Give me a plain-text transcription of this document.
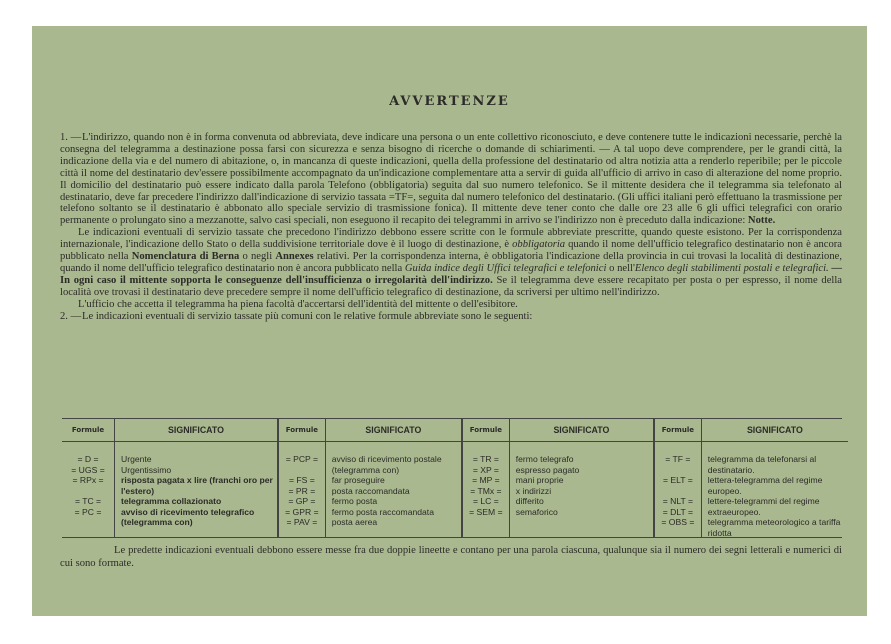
AVVERTENZE

1. —L'indirizzo, quando non è in forma convenuta od abbreviata, deve indicare una persona o un ente collettivo riconosciuto, e deve contenere tutte le indicazioni necessarie, perchè la consegna del telegramma a destinazione possa farsi con sicurezza e senza bisogno di ricerche o domande di schiarimenti. — A tal uopo deve comprendere, per le grandi città, la indicazione della via e del numero di abitazione, o, in mancanza di queste indicazioni, quella della professione del destinatario od altra notizia atta a renderlo reperibile; per le piccole città il nome del destinatario dev'essere possibilmente accompagnato da un'indicazione complementare atta a servir di guida all'ufficio di arrivo in caso di alterazione del nome proprio. Il domicilio del destinatario può essere indicato dalla parola Telefono (obbligatoria) seguita dal suo numero telefonico. Se il mittente desidera che il telegramma sia telefonato al destinatario, deve far precedere l'indirizzo dall'indicazione di servizio tassata =TF=, seguita dal numero telefonico del destinatario. (Gli uffici italiani però effettuano la trasmissione per telefono soltanto se il destinatario è abbonato allo speciale servizio di trasmissione fonica). Il mittente deve tener conto che dalle ore 23 alle 6 gli uffici telegrafici con orario permanente o prolungato sino a mezzanotte, salvo casi speciali, non eseguono il recapito dei telegrammi in arrivo se l'indirizzo non è preceduto dalla indicazione: Notte.

Le indicazioni eventuali di servizio tassate che precedono l'indirizzo debbono essere scritte con le formule abbreviate prescritte, quando queste esistono. Per la corrispondenza internazionale, l'indicazione dello Stato o della suddivisione territoriale dove è il luogo di destinazione, è obbligatoria quando il nome dell'ufficio telegrafico destinatario non è ancora pubblicato nella Nomenclatura di Berna o negli Annexes relativi. Per la corrispondenza interna, è obbligatoria l'indicazione della provincia in cui trovasi la località di destinazione, quando il nome dell'ufficio telegrafico destinatario non è ancora pubblicato nella Guida indice degli Uffici telegrafici e telefonici o nell'Elenco degli stabilimenti postali e telegrafici. — In ogni caso il mittente sopporta le conseguenze dell'insufficienza o irregolarità dell'indirizzo. Se il telegramma deve essere recapitato per posta o per espresso, il nome della località ove trovasi il destinatario deve precedere sempre il nome dell'ufficio telegrafico di destinazione, da scriversi per ultimo nell'indirizzo.

L'ufficio che accetta il telegramma ha piena facoltà d'accertarsi dell'identità del mittente o dell'esibitore.

2. —Le indicazioni eventuali di servizio tassate più comuni con le relative formule abbreviate sono le seguenti:

Formule
= D =
= UGS =
= RPx =
= TC =
= PC =
SIGNIFICATO
Urgente
Urgentissimo
risposta pagata x lire (franchi oro per l'estero)
telegramma collazionato
avviso di ricevimento telegrafico (telegramma con)
Formule
= PCP =
= FS =
= PR =
= GP =
= GPR =
= PAV =
SIGNIFICATO
avviso di ricevimento postale (telegramma con)
far proseguire
posta raccomandata
fermo posta
fermo posta raccomandata
posta aerea
Formule
= TR =
= XP =
= MP =
= TMx =
= LC =
= SEM =
SIGNIFICATO
fermo telegrafo
espresso pagato
mani proprie
x indirizzi
differito
semaforico
Formule
= TF =
= ELT =
= NLT =
= DLT =
= OBS =
SIGNIFICATO
telegramma da telefonarsi al destinatario.
lettera-telegramma del regime europeo.
lettere-telegrammi del regime extraeuropeo.
telegramma meteorologico a tariffa ridotta

Le predette indicazioni eventuali debbono essere messe fra due doppie lineette e contano per una parola ciascuna, qualunque sia il numero dei segni letterali e numerici di cui sono formate.
